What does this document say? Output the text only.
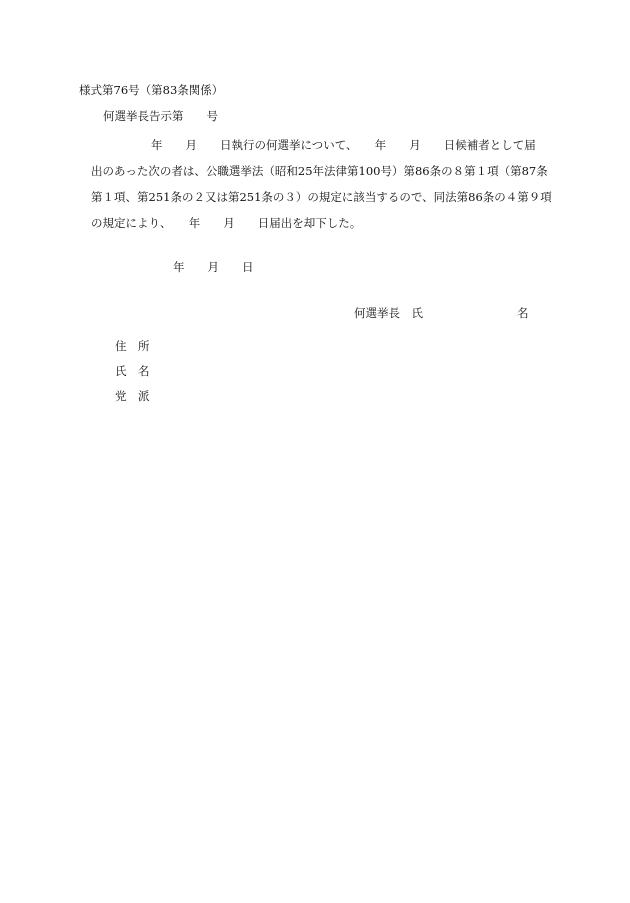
様式第76号（第83条関係）
何選挙長告示第　　号
年　　月　　日執行の何選挙について、　　年　　月　　日候補者として届
出のあった次の者は、公職選挙法（昭和25年法律第100号）第86条の８第１項（第87条
第１項、第251条の２又は第251条の３）の規定に該当するので、同法第86条の４第９項
の規定により、　　年　　月　　日届出を却下した。
年　　月　　日
何選挙長　氏	名
住　所
氏　名
党　派
